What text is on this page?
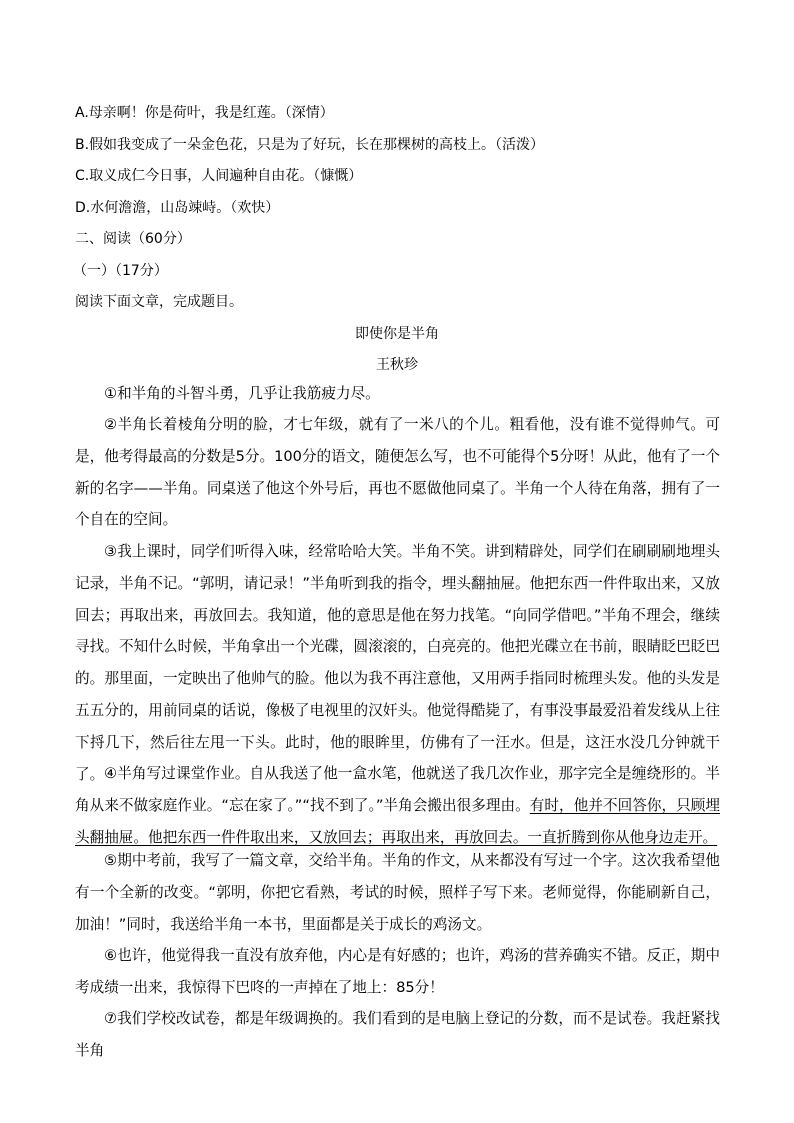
A.母亲啊！你是荷叶，我是红莲。（深情）
B.假如我变成了一朵金色花，只是为了好玩，长在那棵树的高枝上。（活泼）
C.取义成仁今日事，人间遍种自由花。（慷慨）
D.水何澹澹，山岛竦峙。（欢快）
二、阅读（60分）
（一）（17分）
阅读下面文章，完成题目。
即使你是半角
王秋珍
①和半角的斗智斗勇，几乎让我筋疲力尽。
②半角长着棱角分明的脸，才七年级，就有了一米八的个儿。粗看他，没有谁不觉得帅气。可是，他考得最高的分数是5分。100分的语文，随便怎么写，也不可能得个5分呀！从此，他有了一个新的名字——半角。同桌送了他这个外号后，再也不愿做他同桌了。半角一个人待在角落，拥有了一个自在的空间。
③我上课时，同学们听得入味，经常哈哈大笑。半角不笑。讲到精辟处，同学们在刷刷刷地埋头记录，半角不记。“郭明，请记录！”半角听到我的指令，埋头翻抽屉。他把东西一件件取出来，又放回去；再取出来，再放回去。我知道，他的意思是他在努力找笔。“向同学借吧。”半角不理会，继续寻找。不知什么时候，半角拿出一个光碟，圆滚滚的，白亮亮的。他把光碟立在书前，眼睛眨巴眨巴的。那里面，一定映出了他帅气的脸。他以为我不再注意他，又用两手指同时梳理头发。他的头发是五五分的，用前同桌的话说，像极了电视里的汉奸头。他觉得酷毙了，有事没事最爱沿着发线从上往下捋几下，然后往左甩一下头。此时，他的眼眸里，仿佛有了一汪水。但是，这汪水没几分钟就干了。 ④半角写过课堂作业。自从我送了他一盒水笔，他就送了我几次作业，那字完全是缠绕形的。半角从来不做家庭作业。“忘在家了。”“找不到了。”半角会搬出很多理由。有时，他并不回答你，只顾埋头翻抽屉。他把东西一件件取出来，又放回去；再取出来，再放回去。一直折腾到你从他身边走开。
⑤期中考前，我写了一篇文章，交给半角。半角的作文，从来都没有写过一个字。这次我希望他有一个全新的改变。“郭明，你把它看熟，考试的时候，照样子写下来。老师觉得，你能刷新自己，加油！”同时，我送给半角一本书，里面都是关于成长的鸡汤文。
⑥也许，他觉得我一直没有放弃他，内心是有好感的；也许，鸡汤的营养确实不错。反正，期中考成绩一出来，我惊得下巴咚的一声掉在了地上：85分！
⑦我们学校改试卷，都是年级调换的。我们看到的是电脑上登记的分数，而不是试卷。我赶紧找半角
